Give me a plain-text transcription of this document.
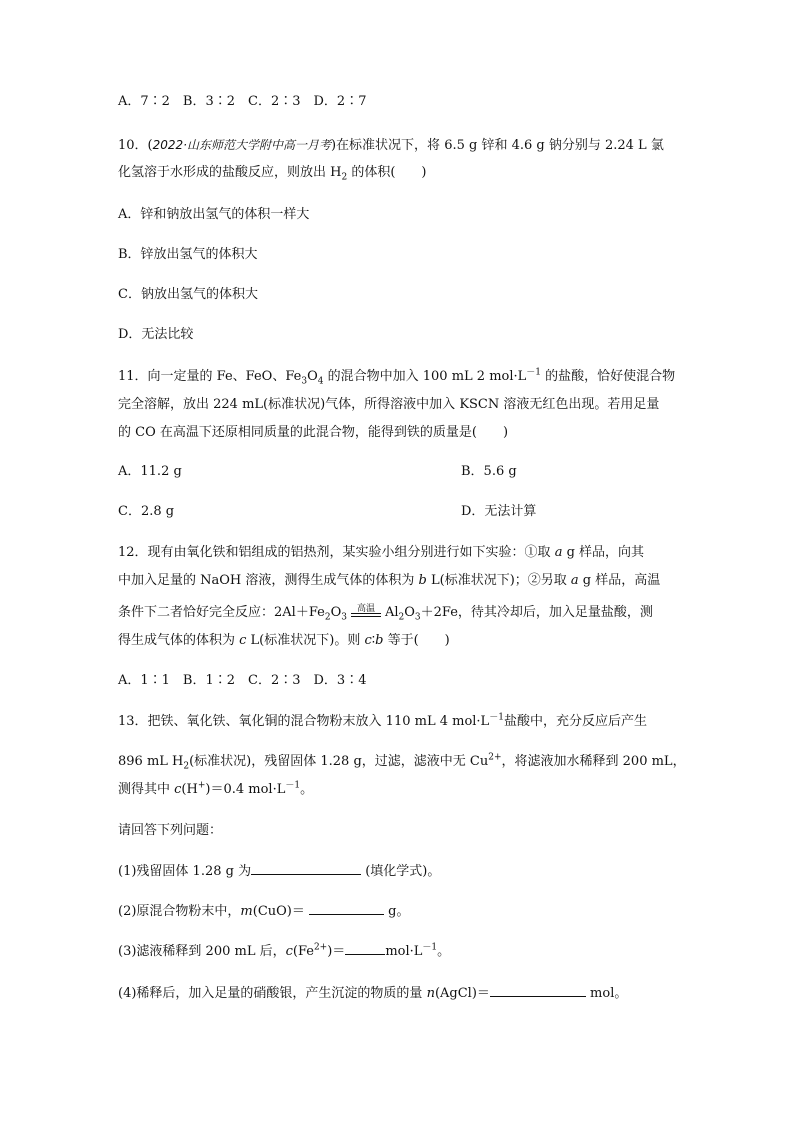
A．7∶2　B．3∶2　C．2∶3　D．2∶7
10．(2022·山东师范大学附中高一月考)在标准状况下，将 6.5 g 锌和 4.6 g 钠分别与 2.24 L 氯
化氢溶于水形成的盐酸反应，则放出 $H_2$ 的体积(　　)
A．锌和钠放出氢气的体积一样大
B．锌放出氢气的体积大
C．钠放出氢气的体积大
D．无法比较
11．向一定量的 Fe、FeO、$Fe_3O_4$ 的混合物中加入 100 mL 2 $mol\cdot L^{-1}$ 的盐酸，恰好使混合物
完全溶解，放出 224 mL(标准状况)气体，所得溶液中加入 KSCN 溶液无红色出现。若用足量
的 CO 在高温下还原相同质量的此混合物，能得到铁的质量是(　　)
A．11.2 g	B．5.6 g
C．2.8 g	D．无法计算
12．现有由氧化铁和铝组成的铝热剂，某实验小组分别进行如下实验：①取 a g 样品，向其
中加入足量的 NaOH 溶液，测得生成气体的体积为 b L(标准状况下)；②另取 a g 样品，高温
条件下二者恰好完全反应：$2Al+Fe_2O_3$
高温 $Al_2O_3+2Fe$，待其冷却后，加入足量盐酸，测
得生成气体的体积为 c L(标准状况下)。则 c∶b 等于(　　)
A．1∶1　B．1∶2　C．2∶3　D．3∶4
13．把铁、氧化铁、氧化铜的混合物粉末放入 110 mL 4 $mol\cdot L^{-1}$盐酸中，充分反应后产生
896 mL $H_2$(标准状况)，残留固体 1.28 g，过滤，滤液中无 $Cu^{2+}$，将滤液加水稀释到 200 mL，
测得其中 c(H+)＝0.4 $mol\cdot L^{-1}$。
请回答下列问题：
(1)残留固体 1.28 g 为	(填化学式)。
(2)原混合物粉末中，m(CuO)＝	g。
(3)滤液稀释到 200 mL 后，$c(Fe^{2+})=$	$mol\cdot L^{-1}$。
(4)稀释后，加入足量的硝酸银，产生沉淀的物质的量 n(AgCl)＝	mol。
